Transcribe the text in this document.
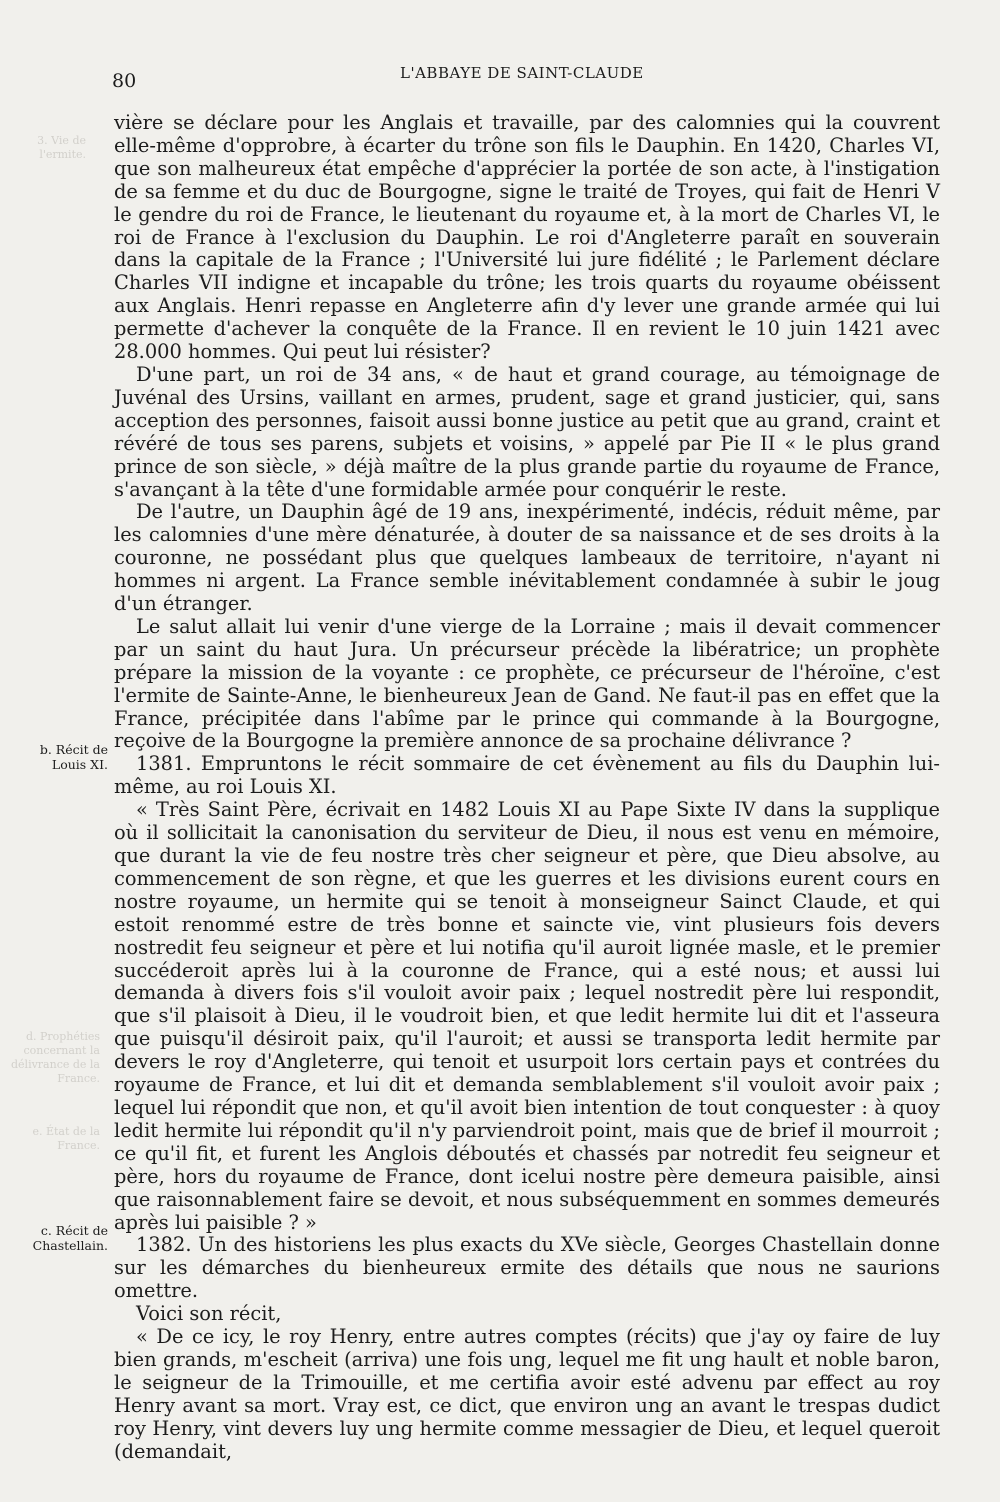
80	L'ABBAYE DE SAINT-CLAUDE
3. Vie de l'ermite.
d. Prophéties concernant la délivrance de la France.
e. État de la France.
b. Récit de Louis XI.
c. Récit de Chastellain.

vière se déclare pour les Anglais et travaille, par des calomnies qui la couvrent elle-même d'opprobre, à écarter du trône son fils le Dauphin. En 1420, Charles VI, que son malheureux état empêche d'apprécier la portée de son acte, à l'instigation de sa femme et du duc de Bourgogne, signe le traité de Troyes, qui fait de Henri V le gendre du roi de France, le lieutenant du royaume et, à la mort de Charles VI, le roi de France à l'exclusion du Dauphin. Le roi d'Angleterre paraît en souverain dans la capitale de la France ; l'Université lui jure fidélité ; le Parlement déclare Charles VII indigne et incapable du trône; les trois quarts du royaume obéissent aux Anglais. Henri repasse en Angleterre afin d'y lever une grande armée qui lui permette d'achever la conquête de la France. Il en revient le 10 juin 1421 avec 28.000 hommes. Qui peut lui résister?

D'une part, un roi de 34 ans, « de haut et grand courage, au témoignage de Juvénal des Ursins, vaillant en armes, prudent, sage et grand justicier, qui, sans acception des personnes, faisoit aussi bonne justice au petit que au grand, craint et révéré de tous ses parens, subjets et voisins, » appelé par Pie II « le plus grand prince de son siècle, » déjà maître de la plus grande partie du royaume de France, s'avançant à la tête d'une formidable armée pour conquérir le reste.

De l'autre, un Dauphin âgé de 19 ans, inexpérimenté, indécis, réduit même, par les calomnies d'une mère dénaturée, à douter de sa naissance et de ses droits à la couronne, ne possédant plus que quelques lambeaux de territoire, n'ayant ni hommes ni argent. La France semble inévitablement condamnée à subir le joug d'un étranger.

Le salut allait lui venir d'une vierge de la Lorraine ; mais il devait commencer par un saint du haut Jura. Un précurseur précède la libératrice; un prophète prépare la mission de la voyante : ce prophète, ce précurseur de l'héroïne, c'est l'ermite de Sainte-Anne, le bienheureux Jean de Gand. Ne faut-il pas en effet que la France, précipitée dans l'abîme par le prince qui commande à la Bourgogne, reçoive de la Bourgogne la première annonce de sa prochaine délivrance ?

1381. Empruntons le récit sommaire de cet évènement au fils du Dauphin lui-même, au roi Louis XI.

« Très Saint Père, écrivait en 1482 Louis XI au Pape Sixte IV dans la supplique où il sollicitait la canonisation du serviteur de Dieu, il nous est venu en mémoire, que durant la vie de feu nostre très cher seigneur et père, que Dieu absolve, au commencement de son règne, et que les guerres et les divisions eurent cours en nostre royaume, un hermite qui se tenoit à monseigneur Sainct Claude, et qui estoit renommé estre de très bonne et saincte vie, vint plusieurs fois devers nostredit feu seigneur et père et lui notifia qu'il auroit lignée masle, et le premier succéderoit après lui à la couronne de France, qui a esté nous; et aussi lui demanda à divers fois s'il vouloit avoir paix ; lequel nostredit père lui respondit, que s'il plaisoit à Dieu, il le voudroit bien, et que ledit hermite lui dit et l'asseura que puisqu'il désiroit paix, qu'il l'auroit; et aussi se transporta ledit hermite par devers le roy d'Angleterre, qui tenoit et usurpoit lors certain pays et contrées du royaume de France, et lui dit et demanda semblablement s'il vouloit avoir paix ; lequel lui répondit que non, et qu'il avoit bien intention de tout conquester : à quoy ledit hermite lui répondit qu'il n'y parviendroit point, mais que de brief il mourroit ; ce qu'il fit, et furent les Anglois déboutés et chassés par notredit feu seigneur et père, hors du royaume de France, dont icelui nostre père demeura paisible, ainsi que raisonnablement faire se devoit, et nous subséquemment en sommes demeurés après lui paisible ? »

1382. Un des historiens les plus exacts du XVe siècle, Georges Chastellain donne sur les démarches du bienheureux ermite des détails que nous ne saurions omettre.

Voici son récit,

« De ce icy, le roy Henry, entre autres comptes (récits) que j'ay oy faire de luy bien grands, m'escheit (arriva) une fois ung, lequel me fit ung hault et noble baron, le seigneur de la Trimouille, et me certifia avoir esté advenu par effect au roy Henry avant sa mort. Vray est, ce dict, que environ ung an avant le trespas dudict roy Henry, vint devers luy ung hermite comme messagier de Dieu, et lequel queroit (demandait,
